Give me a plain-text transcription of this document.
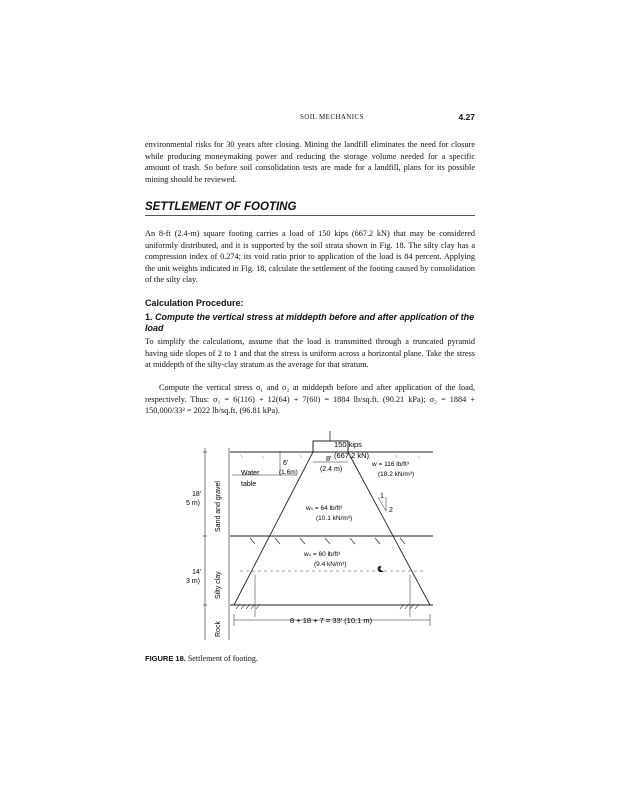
SOIL MECHANICS	4.27

environmental risks for 30 years after closing. Mining the landfill eliminates the need for closure while producing moneymaking power and reducing the storage volume needed for a specific amount of trash. So before soil consolidation tests are made for a landfill, plans for its possible mining should be reviewed.

SETTLEMENT OF FOOTING

An 8-ft (2.4-m) square footing carries a load of 150 kips (667.2 kN) that may be considered uniformly distributed, and it is supported by the soil strata shown in Fig. 18. The silty clay has a compression index of 0.274; its void ratio prior to application of the load is 84 percent. Applying the unit weights indicated in Fig. 18, calculate the settlement of the footing caused by consolidation of the silty clay.

Calculation Procedure:
1. Compute the vertical stress at middepth before and after application of the load

To simplify the calculations, assume that the load is transmitted through a truncated pyramid having side slopes of 2 to 1 and that the stress is uniform across a horizontal plane. Take the stress at middepth of the silty-clay stratum as the average for that stratum.

Compute the vertical stress σ₁ and σ₂ at middepth before and after application of the load, respectively. Thus: σ₁ = 6(116) + 12(64) + 7(60) = 1884 lb/sq.ft. (90.21 kPa); σ₂ = 1884 + 150,000/33² = 2022 lb/sq.ft. (96.81 kPa).

150 kips
(667.2 kN)
6'
(1.6m)
8'
(2.4 m)
w = 116 lb/ft³
(18.2 kN/m³)
Water
table
1
2
wₛ = 64 lb/ft³
(10.1 kN/m³)
wₛ = 60 lb/ft³
(9.4 kN/m³)
℄
18'
5 m)
14'
3 m)
Sand and gravel
Silty clay
Rock
8 + 18 + 7 = 33' (10.1 m)

FIGURE 18. Settlement of footing.
